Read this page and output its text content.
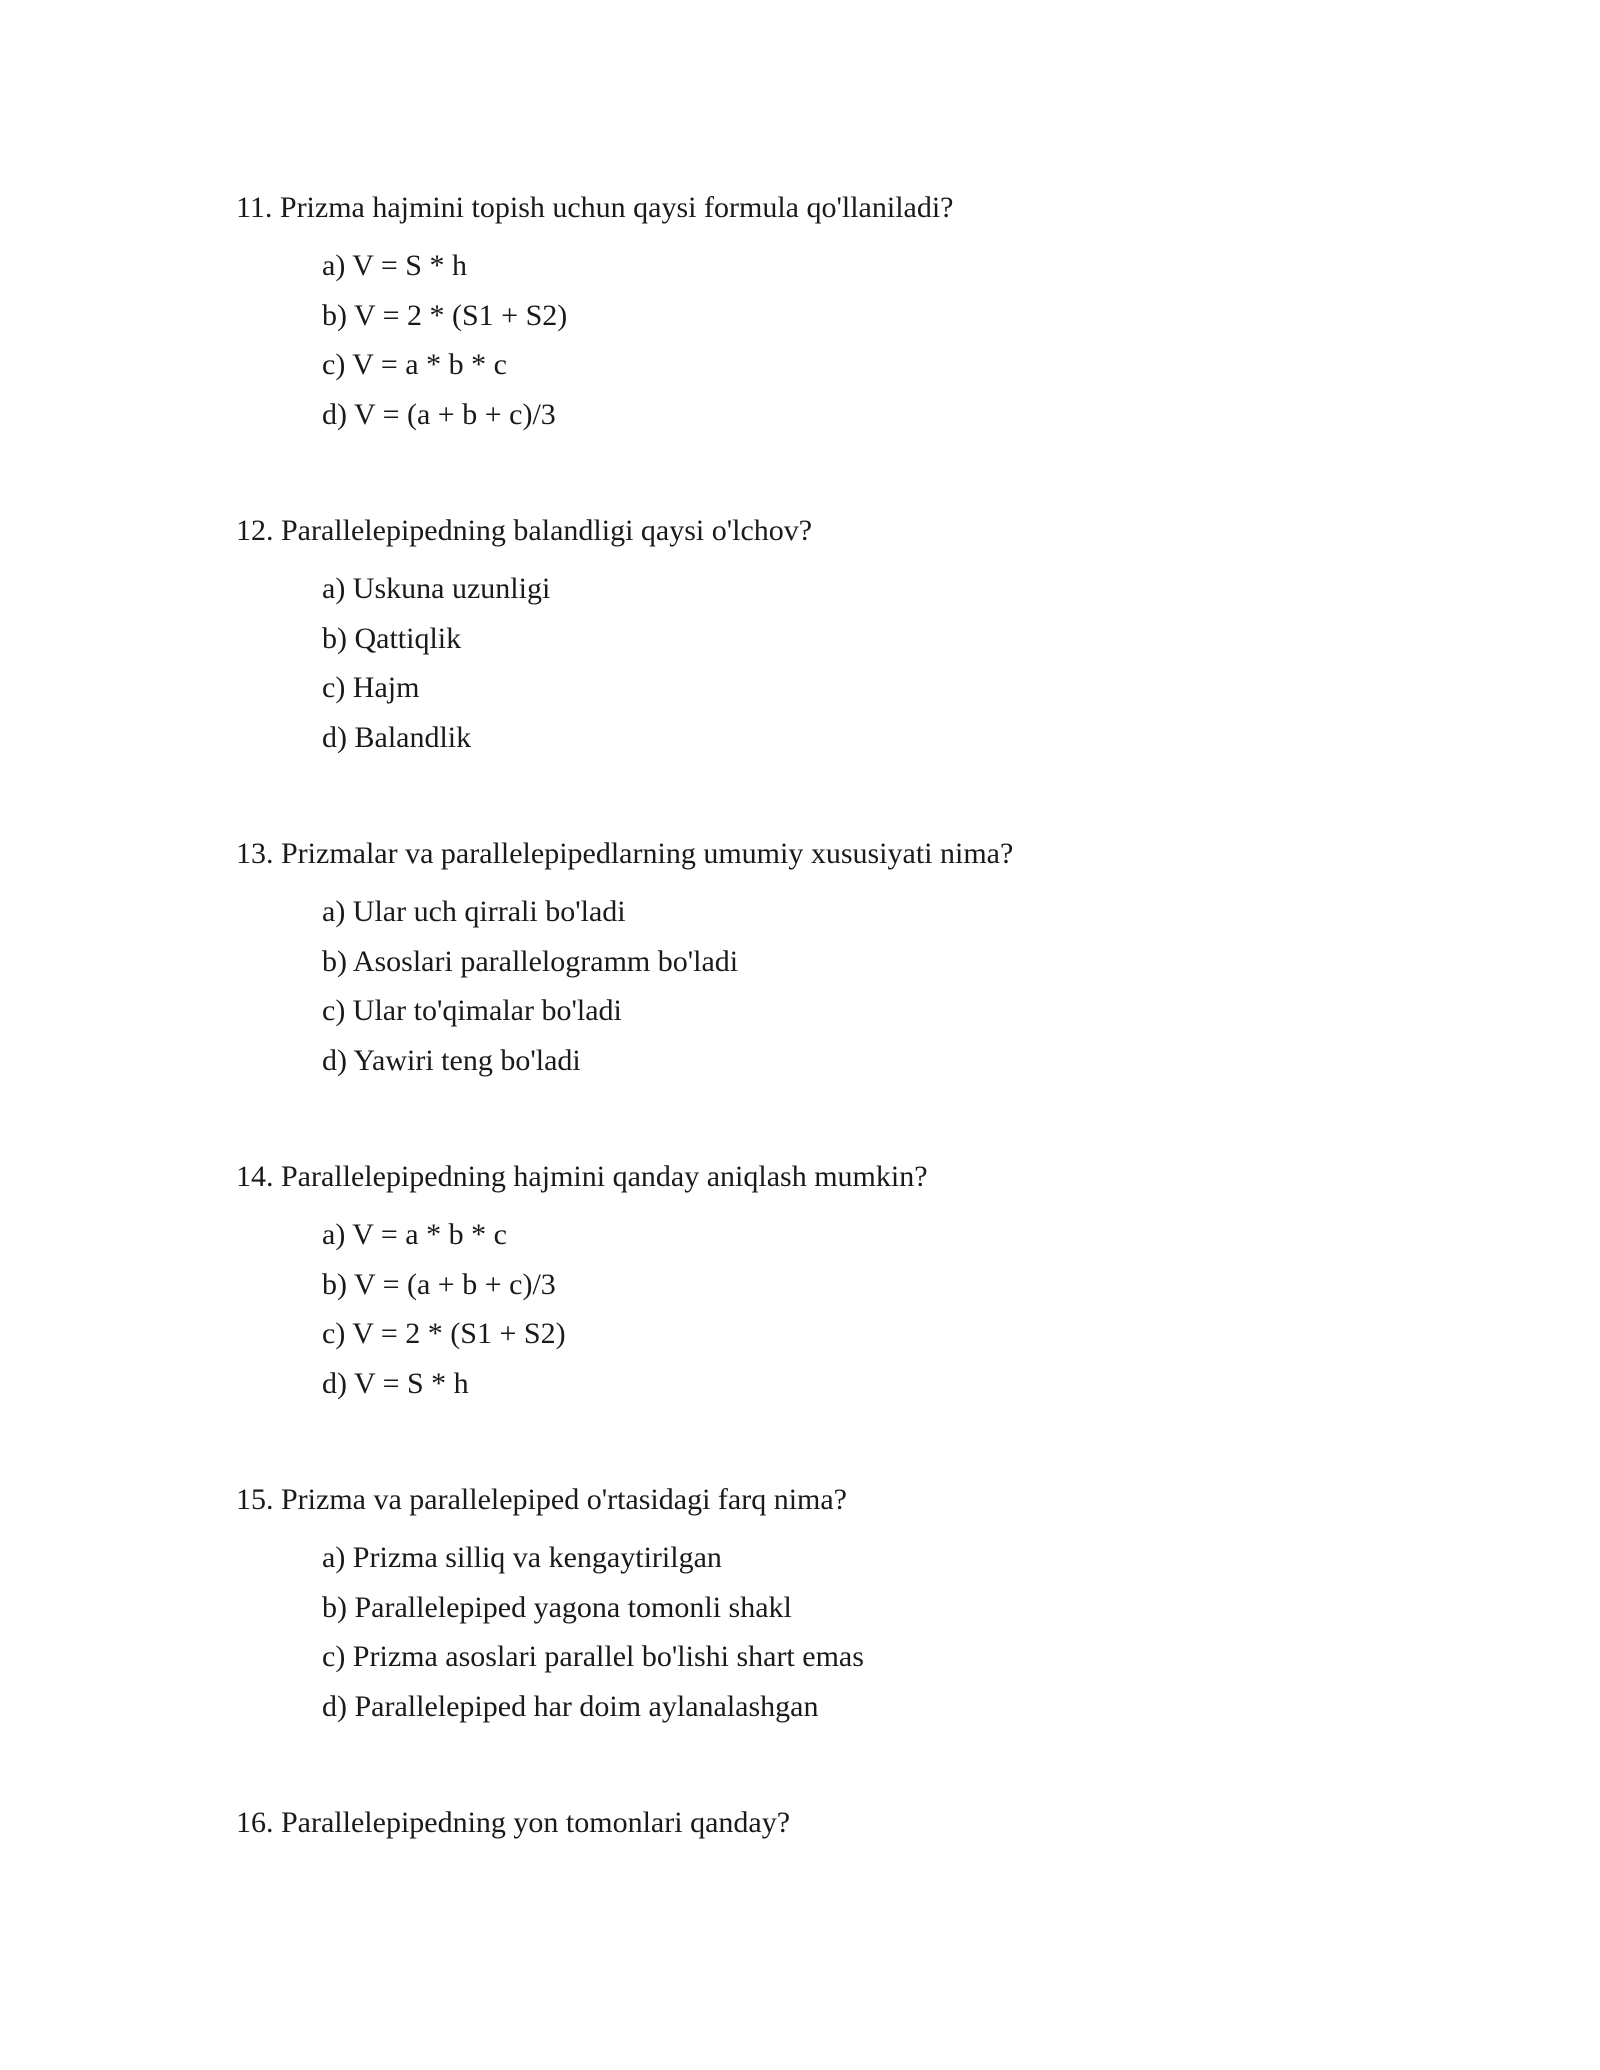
11. Prizma hajmini topish uchun qaysi formula qo'llaniladi?

a) V = S * h
b) V = 2 * (S1 + S2)
c) V = a * b * c
d) V = (a + b + c)/3

12. Parallelepipedning balandligi qaysi o'lchov?

a) Uskuna uzunligi
b) Qattiqlik
c) Hajm
d) Balandlik

13. Prizmalar va parallelepipedlarning umumiy xususiyati nima?

a) Ular uch qirrali bo'ladi
b) Asoslari parallelogramm bo'ladi
c) Ular to'qimalar bo'ladi
d) Yawiri teng bo'ladi

14. Parallelepipedning hajmini qanday aniqlash mumkin?

a) V = a * b * c
b) V = (a + b + c)/3
c) V = 2 * (S1 + S2)
d) V = S * h

15. Prizma va parallelepiped o'rtasidagi farq nima?

a) Prizma silliq va kengaytirilgan
b) Parallelepiped yagona tomonli shakl
c) Prizma asoslari parallel bo'lishi shart emas
d) Parallelepiped har doim aylanalashgan

16. Parallelepipedning yon tomonlari qanday?
